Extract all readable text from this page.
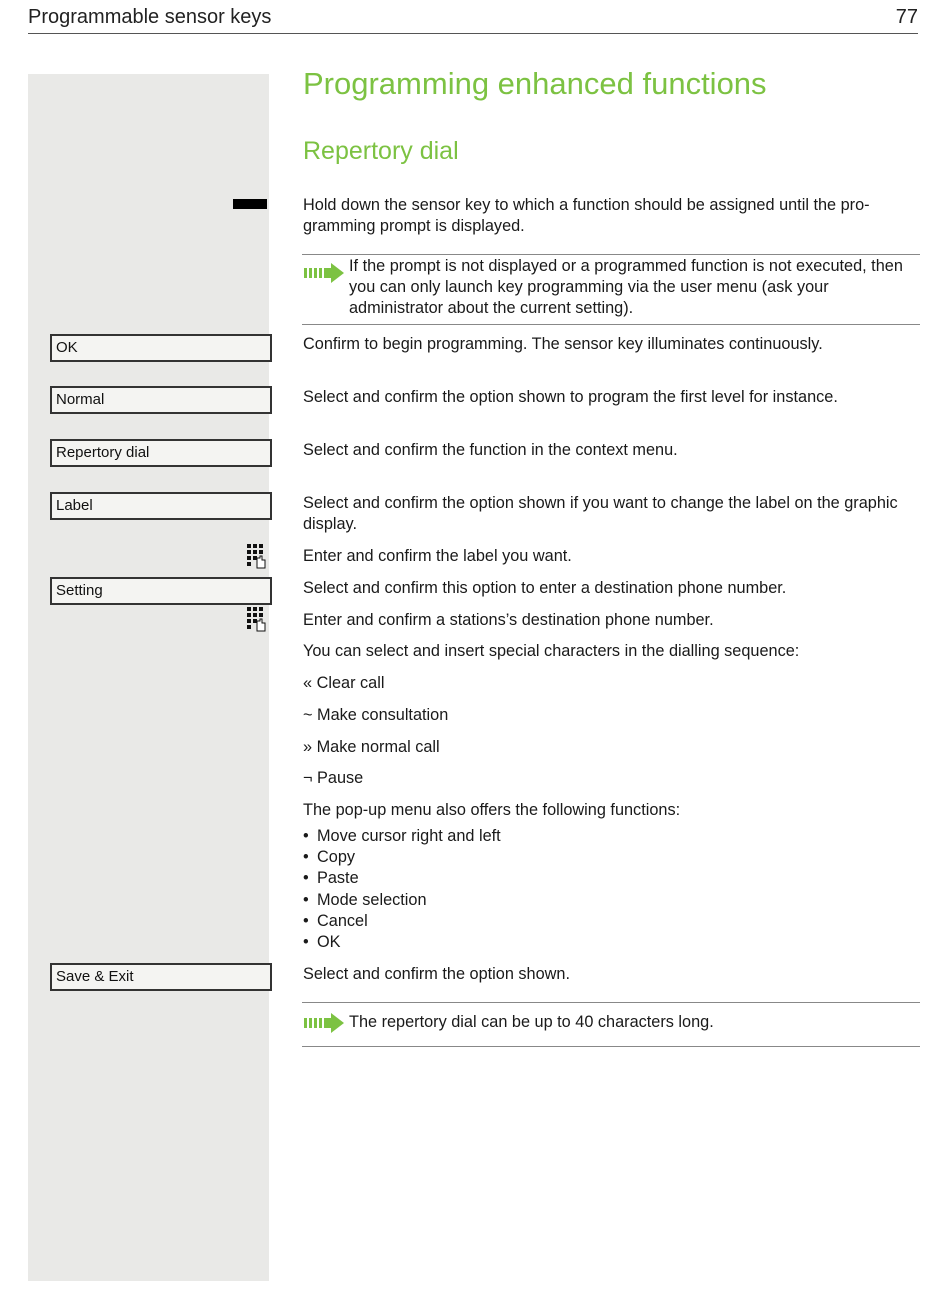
Programmable sensor keys	77
Programming enhanced functions
Repertory dial
Hold down the sensor key to which a function should be assigned until the pro-gramming prompt is displayed.
If the prompt is not displayed or a programmed function is not executed, then you can only launch key programming via the user menu (ask your administrator about the current setting).
OK	Confirm to begin programming. The sensor key illuminates continuously.
Normal	Select and confirm the option shown to program the first level for instance.
Repertory dial	Select and confirm the function in the context menu.
Label	Select and confirm the option shown if you want to change the label on the graphic display.
Enter and confirm the label you want.
Setting	Select and confirm this option to enter a destination phone number.
Enter and confirm a stations’s destination phone number.
You can select and insert special characters in the dialling sequence:
« Clear call
~ Make consultation
» Make normal call
¬ Pause
The pop-up menu also offers the following functions:
• Move cursor right and left
• Copy
• Paste
• Mode selection
• Cancel
• OK
Save & Exit	Select and confirm the option shown.
The repertory dial can be up to 40 characters long.
